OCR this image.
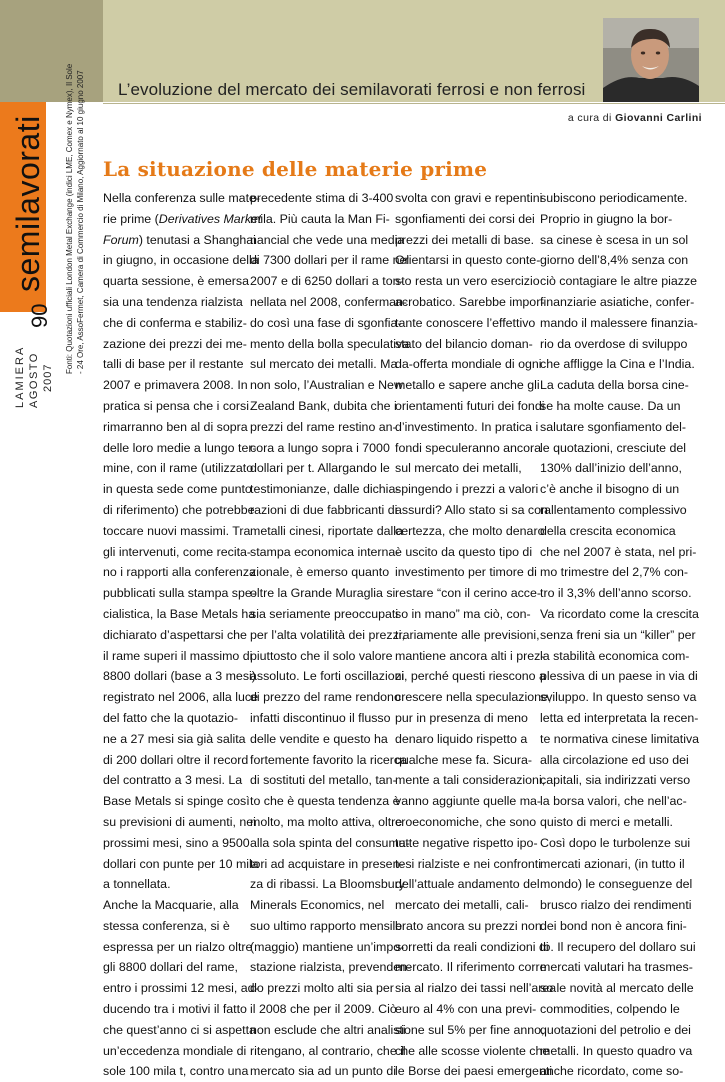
L’evoluzione del mercato dei semilavorati ferrosi e non ferrosi
a cura di Giovanni Carlini
semilavorati
90
LAMIERA AGOSTO 2007
Fonti: Quotazioni ufficiali London Metal Exchange (indici LME, Comex e Nymex), Il Sole - 24 Ore, AssoFermet, Camera di Commercio di Milano, Aggiornato al 10 giugno 2007 La situazione delle materie prime
Nella conferenza sulle mate-
rie prime (Derivatives Market
Forum) tenutasi a Shanghai
in giugno, in occasione della
quarta sessione, è emersa
sia una tendenza rialzista
che di conferma e stabiliz-
zazione dei prezzi dei me-
talli di base per il restante
2007 e primavera 2008. In
pratica si pensa che i corsi
rimarranno ben al di sopra
delle loro medie a lungo ter-
mine, con il rame (utilizzato
in questa sede come punto
di riferimento) che potrebbe
toccare nuovi massimi. Tra
gli intervenuti, come recita-
no i rapporti alla conferenza
pubblicati sulla stampa spe-
cialistica, la Base Metals ha
dichiarato d’aspettarsi che
il rame superi il massimo di
8800 dollari (base a 3 mesi)
registrato nel 2006, alla luce
del fatto che la quotazio-
ne a 27 mesi sia già salita
di 200 dollari oltre il record
del contratto a 3 mesi. La
Base Metals si spinge così
su previsioni di aumenti, nei
prossimi mesi, sino a 9500
dollari con punte per 10 mila
a tonnellata.
Anche la Macquarie, alla
stessa conferenza, si è
espressa per un rialzo oltre
gli 8800 dollari del rame,
entro i prossimi 12 mesi, ad-
ducendo tra i motivi il fatto
che quest’anno ci si aspetta
un’eccedenza mondiale di
sole 100 mila t, contro una
precedente stima di 3-400
mila. Più cauta la Man Fi-
nancial che vede una media
di 7300 dollari per il rame nel
2007 e di 6250 dollari a ton-
nellata nel 2008, conferman-
do così una fase di sgonfia-
mento della bolla speculativa
sul mercato dei metalli. Ma
non solo, l’Australian e New
Zealand Bank, dubita che i
prezzi del rame restino an-
cora a lungo sopra i 7000
dollari per t. Allargando le
testimonianze, dalle dichia-
razioni di due fabbricanti di
metalli cinesi, riportate dalla
stampa economica interna-
zionale, è emerso quanto
oltre la Grande Muraglia si
sia seriamente preoccupati
per l’alta volatilità dei prezzi,
piuttosto che il solo valore
assoluto. Le forti oscillazioni
di prezzo del rame rendono
infatti discontinuo il flusso
delle vendite e questo ha
fortemente favorito la ricerca
di sostituti del metallo, tan-
to che è questa tendenza è
molto, ma molto attiva, oltre
alla sola spinta del consuma-
tori ad acquistare in presen-
za di ribassi. La Bloomsbury
Minerals Economics, nel
suo ultimo rapporto mensile
(maggio) mantiene un’impo-
stazione rialzista, prevenden-
do prezzi molto alti sia per
il 2008 che per il 2009. Ciò
non esclude che altri analisti
ritengano, al contrario, che il
mercato sia ad un punto di
svolta con gravi e repentini
sgonfiamenti dei corsi dei
prezzi dei metalli di base.
Orientarsi in questo conte-
sto resta un vero esercizio
acrobatico. Sarebbe impor-
tante conoscere l’effettivo
stato del bilancio doman-
da-offerta mondiale di ogni
metallo e sapere anche gli
orientamenti futuri dei fondi
d’investimento. In pratica i
fondi speculeranno ancora
sul mercato dei metalli,
spingendo i prezzi a valori
assurdi? Allo stato si sa con
certezza, che molto denaro
è uscito da questo tipo di
investimento per timore di
restare “con il cerino acce-
so in mano” ma ciò, con-
trariamente alle previsioni,
mantiene ancora alti i prez-
zi, perché questi riescono a
crescere nella speculazione,
pur in presenza di meno
denaro liquido rispetto a
qualche mese fa. Sicura-
mente a tali considerazioni,
vanno aggiunte quelle ma-
croeconomiche, che sono
tutte negative rispetto ipo-
tesi rialziste e nei confronti
dell’attuale andamento del
mercato dei metalli, cali-
brato ancora su prezzi non
sorretti da reali condizioni di
mercato. Il riferimento corre
sia al rialzo dei tassi nell’area
euro al 4% con una previ-
sione sul 5% per fine anno,
che alle scosse violente che
le Borse dei paesi emergenti
subiscono periodicamente.
Proprio in giugno la bor-
sa cinese è scesa in un sol
giorno dell’8,4% senza con
ciò contagiare le altre piazze
finanziarie asiatiche, confer-
mando il malessere finanzia-
rio da overdose di sviluppo
che affligge la Cina e l’India.
La caduta della borsa cine-
se ha molte cause. Da un
salutare sgonfiamento del-
le quotazioni, cresciute del
130% dall’inizio dell’anno,
c’è anche il bisogno di un
rallentamento complessivo
della crescita economica
che nel 2007 è stata, nel pri-
mo trimestre del 2,7% con-
tro il 3,3% dell’anno scorso.
Va ricordato come la crescita
senza freni sia un “killer” per
la stabilità economica com-
plessiva di un paese in via di
sviluppo. In questo senso va
letta ed interpretata la recen-
te normativa cinese limitativa
alla circolazione ed uso dei
capitali, sia indirizzati verso
la borsa valori, che nell’ac-
quisto di merci e metalli.
Così dopo le turbolenze sui
mercati azionari, (in tutto il
mondo) le conseguenze del
brusco rialzo dei rendimenti
dei bond non è ancora fini-
to. Il recupero del dollaro sui
mercati valutari ha trasmes-
so le novità al mercato delle
commodities, colpendo le
quotazioni del petrolio e dei
metalli. In questo quadro va
anche ricordato, come so-
